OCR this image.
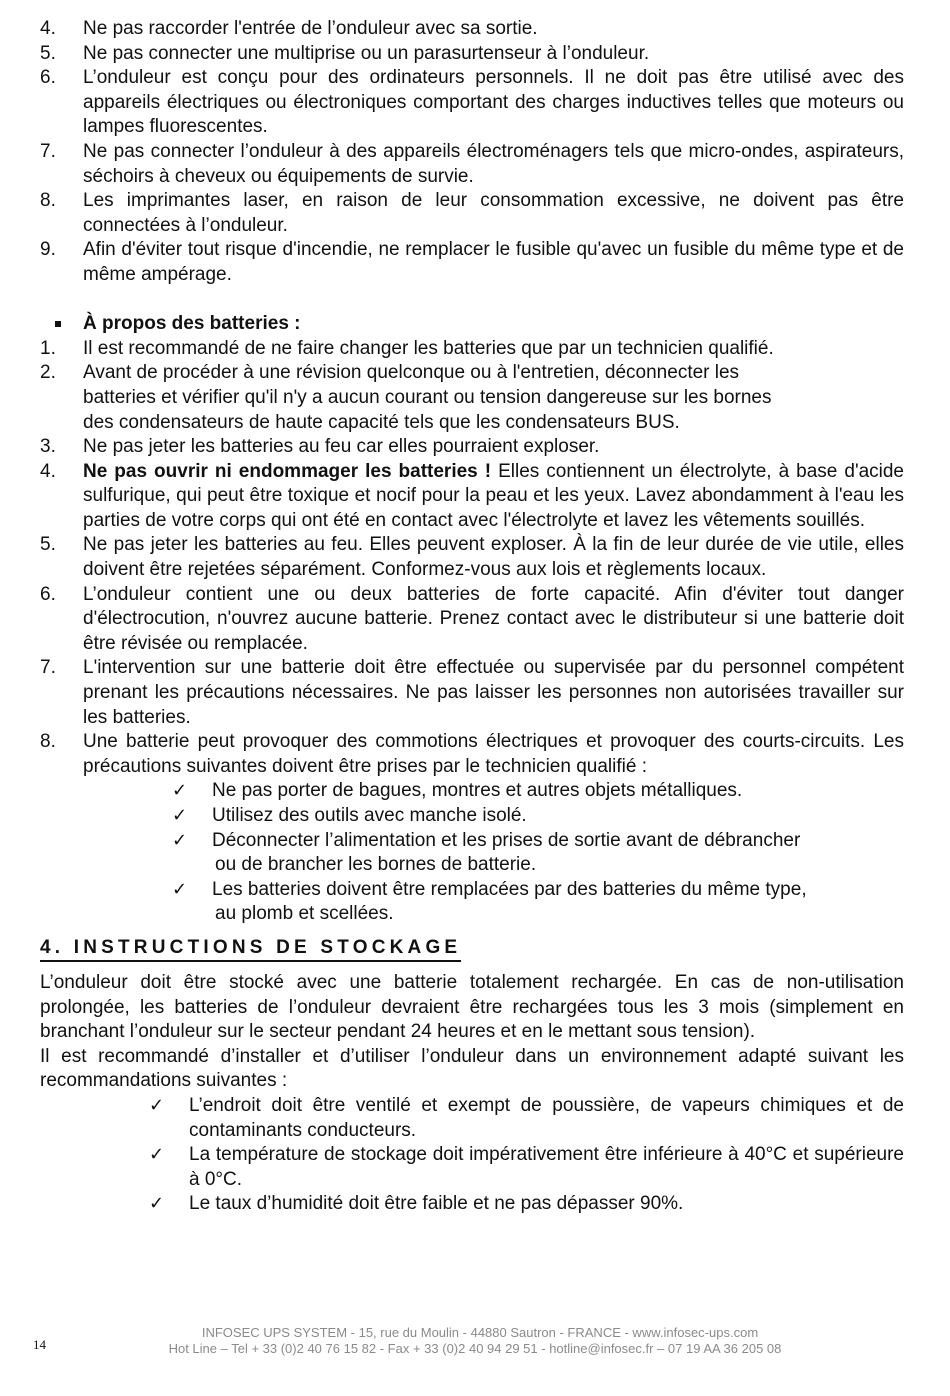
4.	Ne pas raccorder l'entrée de l’onduleur avec sa sortie.
5.	Ne pas connecter une multiprise ou un parasurtenseur à l’onduleur.
6.	L’onduleur est conçu pour des ordinateurs personnels. Il ne doit pas être utilisé avec des appareils électriques ou électroniques comportant des charges inductives telles que moteurs ou lampes fluorescentes.
7.	Ne pas connecter l’onduleur à des appareils électroménagers tels que micro-ondes, aspirateurs, séchoirs à cheveux ou équipements de survie.
8.	Les imprimantes laser, en raison de leur consommation excessive, ne doivent pas être connectées à l’onduleur.
9.	Afin d'éviter tout risque d'incendie, ne remplacer le fusible qu'avec un fusible du même type et de même ampérage.
À propos des batteries :
1.	Il est recommandé de ne faire changer les batteries que par un technicien qualifié.
2.	Avant de procéder à une révision quelconque ou à l'entretien, déconnecter les
batteries et vérifier qu'il n'y a aucun courant ou tension dangereuse sur les bornes
des condensateurs de haute capacité tels que les condensateurs BUS.
3.	Ne pas jeter les batteries au feu car elles pourraient exploser.
4.	Ne pas ouvrir ni endommager les batteries ! Elles contiennent un électrolyte, à base d'acide sulfurique, qui peut être toxique et nocif pour la peau et les yeux. Lavez abondamment à l'eau les parties de votre corps qui ont été en contact avec l'électrolyte et lavez les vêtements souillés.
5.	Ne pas jeter les batteries au feu. Elles peuvent exploser. À la fin de leur durée de vie utile, elles doivent être rejetées séparément. Conformez-vous aux lois et règlements locaux.
6.	L’onduleur contient une ou deux batteries de forte capacité. Afin d'éviter tout danger d'électrocution, n'ouvrez aucune batterie. Prenez contact avec le distributeur si une batterie doit être révisée ou remplacée.
7.	L'intervention sur une batterie doit être effectuée ou supervisée par du personnel compétent prenant les précautions nécessaires. Ne pas laisser les personnes non autorisées travailler sur les batteries.
8.	Une batterie peut provoquer des commotions électriques et provoquer des courts-circuits. Les précautions suivantes doivent être prises par le technicien qualifié :
✓	Ne pas porter de bagues, montres et autres objets métalliques.
✓	Utilisez des outils avec manche isolé.
✓	Déconnecter l’alimentation et les prises de sortie avant de débrancher
ou de brancher les bornes de batterie.
✓	Les batteries doivent être remplacées par des batteries du même type,
au plomb et scellées.
4. INSTRUCTIONS DE STOCKAGE
L’onduleur doit être stocké avec une batterie totalement rechargée. En cas de non-utilisation prolongée, les batteries de l’onduleur devraient être rechargées tous les 3 mois (simplement en branchant l’onduleur sur le secteur pendant 24 heures et en le mettant sous tension).
Il est recommandé d’installer et d’utiliser l’onduleur dans un environnement adapté suivant les recommandations suivantes :
✓	L’endroit doit être ventilé et exempt de poussière, de vapeurs chimiques et de contaminants conducteurs.
✓	La température de stockage doit impérativement être inférieure à 40°C et supérieure à 0°C.
✓	Le taux d’humidité doit être faible et ne pas dépasser 90%.
14
INFOSEC UPS SYSTEM - 15, rue du Moulin - 44880 Sautron - FRANCE - www.infosec-ups.com
Hot Line – Tel + 33 (0)2 40 76 15 82 - Fax + 33 (0)2 40 94 29 51 - hotline@infosec.fr – 07 19 AA 36 205 08
